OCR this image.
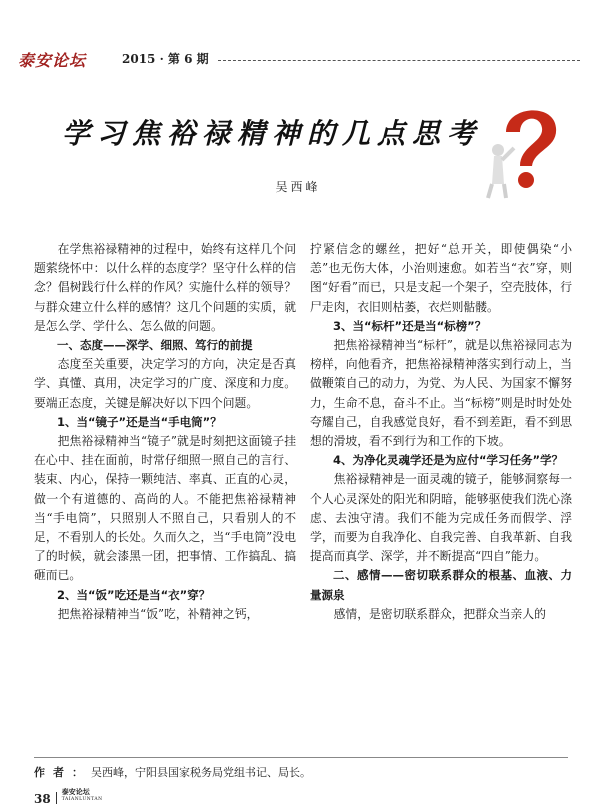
泰安论坛	2015 · 第 6 期
学习焦裕禄精神的几点思考
吴西峰

在学焦裕禄精神的过程中，始终有这样几个问题萦绕怀中：以什么样的态度学？坚守什么样的信念？倡树践行什么样的作风？实施什么样的领导？与群众建立什么样的感情？这几个问题的实质，就是怎么学、学什么、怎么做的问题。

一、态度——深学、细照、笃行的前提

态度至关重要，决定学习的方向，决定是否真学、真懂、真用，决定学习的广度、深度和力度。要端正态度，关键是解决好以下四个问题。

1、当“镜子”还是当“手电筒”？

把焦裕禄精神当“镜子”就是时刻把这面镜子挂在心中、挂在面前，时常仔细照一照自己的言行、装束、内心，保持一颗纯洁、率真、正直的心灵，做一个有道德的、高尚的人。不能把焦裕禄精神当“手电筒”，只照别人不照自己，只看别人的不足，不看别人的长处。久而久之，当“手电筒”没电了的时候，就会漆黑一团，把事情、工作搞乱、搞砸而已。

2、当“饭”吃还是当“衣”穿？

把焦裕禄精神当“饭”吃，补精神之钙，

拧紧信念的螺丝，把好“总开关，即使偶染“小恙”也无伤大体，小治则速愈。如若当“衣”穿，则图“好看”而已，只是支起一个架子，空壳肢体，行尸走肉，衣旧则枯萎，衣烂则骷髅。

3、当“标杆”还是当“标榜”？

把焦裕禄精神当“标杆”，就是以焦裕禄同志为榜样，向他看齐，把焦裕禄精神落实到行动上，当做鞭策自己的动力，为党、为人民、为国家不懈努力，生命不息，奋斗不止。当“标榜”则是时时处处夸耀自己，自我感觉良好，看不到差距，看不到思想的滑坡，看不到行为和工作的下坡。

4、为净化灵魂学还是为应付“学习任务”学？

焦裕禄精神是一面灵魂的镜子，能够洞察每一个人心灵深处的阳光和阴暗，能够驱使我们洗心涤虑、去浊守清。我们不能为完成任务而假学、浮学，而要为自我净化、自我完善、自我革新、自我提高而真学、深学，并不断提高“四自”能力。

二、感情——密切联系群众的根基、血液、力量源泉

感情，是密切联系群众，把群众当亲人的

作者：吴西峰，宁阳县国家税务局党组书记、局长。
38
泰安论坛
TAIANLUNTAN
